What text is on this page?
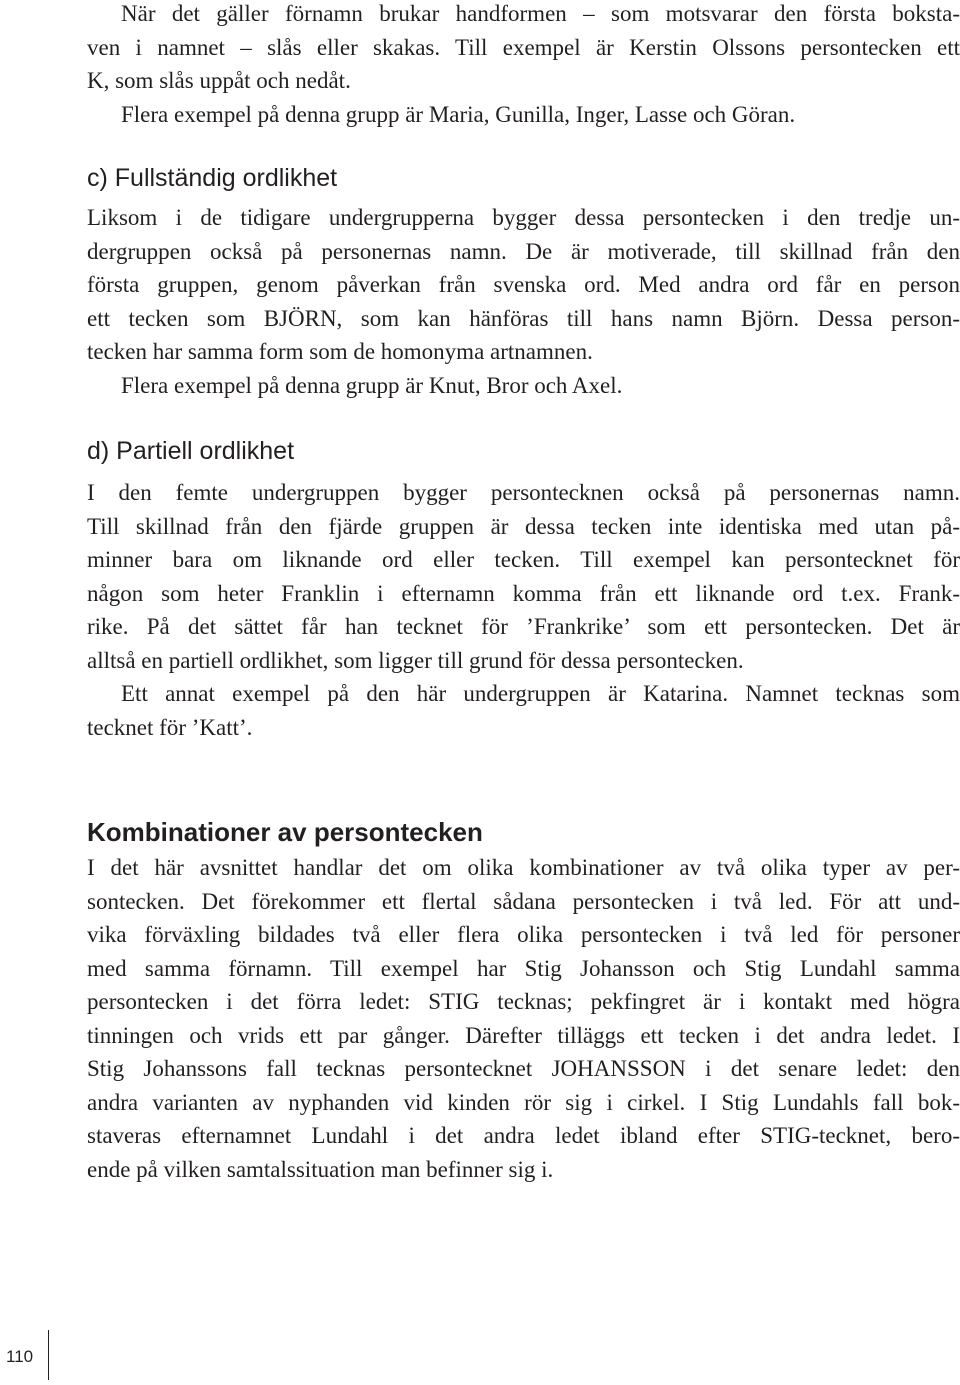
När det gäller förnamn brukar handformen – som motsvarar den första boksta-
ven i namnet – slås eller skakas. Till exempel är Kerstin Olssons persontecken ett
K, som slås uppåt och nedåt.
Flera exempel på denna grupp är Maria, Gunilla, Inger, Lasse och Göran.

c) Fullständig ordlikhet

Liksom i de tidigare undergrupperna bygger dessa persontecken i den tredje un-
dergruppen också på personernas namn. De är motiverade, till skillnad från den
första gruppen, genom påverkan från svenska ord. Med andra ord får en person
ett tecken som BJÖRN, som kan hänföras till hans namn Björn. Dessa person-
tecken har samma form som de homonyma artnamnen.
Flera exempel på denna grupp är Knut, Bror och Axel.

d) Partiell ordlikhet

I den femte undergruppen bygger persontecknen också på personernas namn.
Till skillnad från den fjärde gruppen är dessa tecken inte identiska med utan på-
minner bara om liknande ord eller tecken. Till exempel kan persontecknet för
någon som heter Franklin i efternamn komma från ett liknande ord t.ex. Frank-
rike. På det sättet får han tecknet för ’Frankrike’ som ett persontecken. Det är
alltså en partiell ordlikhet, som ligger till grund för dessa persontecken.
Ett annat exempel på den här undergruppen är Katarina. Namnet tecknas som
tecknet för ’Katt’.

Kombinationer av persontecken

I det här avsnittet handlar det om olika kombinationer av två olika typer av per-
sontecken. Det förekommer ett flertal sådana persontecken i två led. För att und-
vika förväxling bildades två eller flera olika persontecken i två led för personer
med samma förnamn. Till exempel har Stig Johansson och Stig Lundahl samma
persontecken i det förra ledet: STIG tecknas; pekfingret är i kontakt med högra
tinningen och vrids ett par gånger. Därefter tilläggs ett tecken i det andra ledet. I
Stig Johanssons fall tecknas persontecknet JOHANSSON i det senare ledet: den
andra varianten av nyphanden vid kinden rör sig i cirkel. I Stig Lundahls fall bok-
staveras efternamnet Lundahl i det andra ledet ibland efter STIG-tecknet, bero-
ende på vilken samtalssituation man befinner sig i.

110
